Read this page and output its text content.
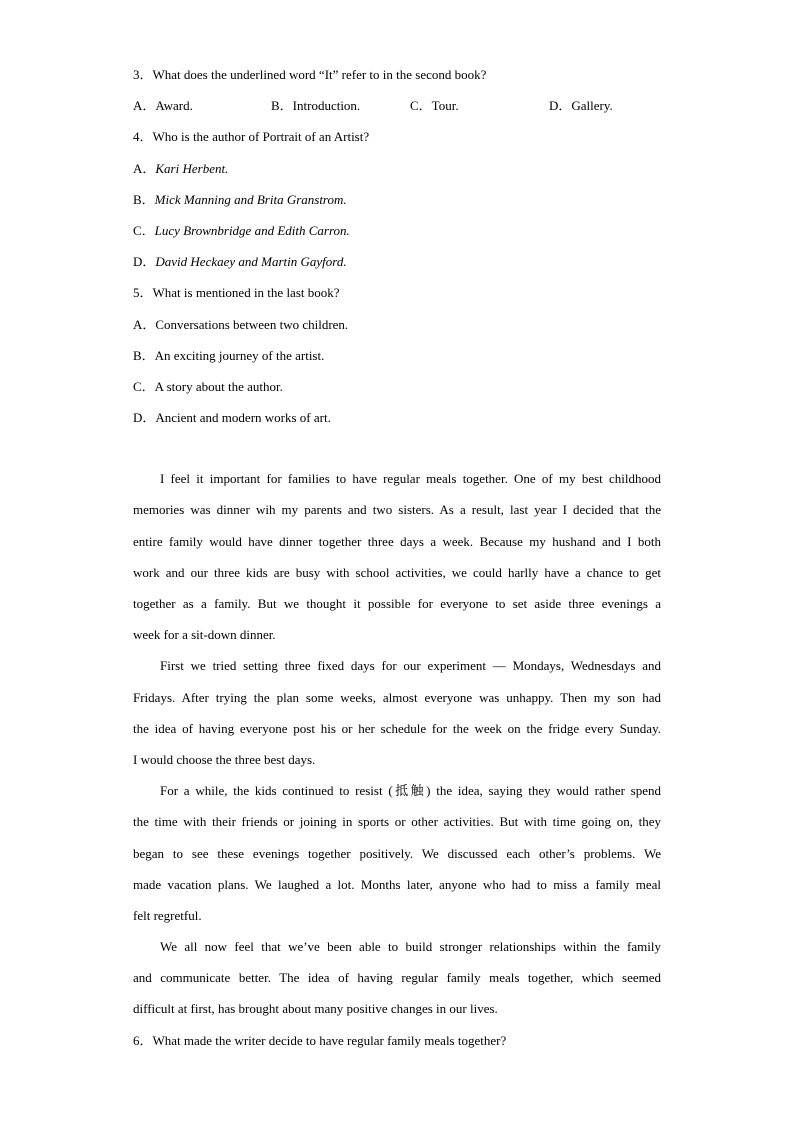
3．What does the underlined word “It” refer to in the second book?
A．Award.	B．Introduction.	C．Tour.	D．Gallery.
4．Who is the author of Portrait of an Artist?
A．Kari Herbent.
B．Mick Manning and Brita Granstrom.
C．Lucy Brownbridge and Edith Carron.
D．David Heckaey and Martin Gayford.
5．What is mentioned in the last book?
A．Conversations between two children.
B．An exciting journey of the artist.
C．A story about the author.
D．Ancient and modern works of art.
I feel it important for families to have regular meals together. One of my best childhood
memories was dinner wih my parents and two sisters. As a result, last year I decided that the
entire family would have dinner together three days a week. Because my hushand and I both
work and our three kids are busy with school activities, we could harlly have a chance to get
together as a family. But we thought it possible for everyone to set aside three evenings a
week for a sit-down dinner.
First we tried setting three fixed days for our experiment — Mondays, Wednesdays and
Fridays. After trying the plan some weeks, almost everyone was unhappy. Then my son had
the idea of having everyone post his or her schedule for the week on the fridge every Sunday.
I would choose the three best days.
For a while, the kids continued to resist (抵触) the idea, saying they would rather spend
the time with their friends or joining in sports or other activities. But with time going on, they
began to see these evenings together positively. We discussed each other’s problems. We
made vacation plans. We laughed a lot. Months later, anyone who had to miss a family meal
felt regretful.
We all now feel that we’ve been able to build stronger relationships within the family
and communicate better. The idea of having regular family meals together, which seemed
difficult at first, has brought about many positive changes in our lives.
6．What made the writer decide to have regular family meals together?
